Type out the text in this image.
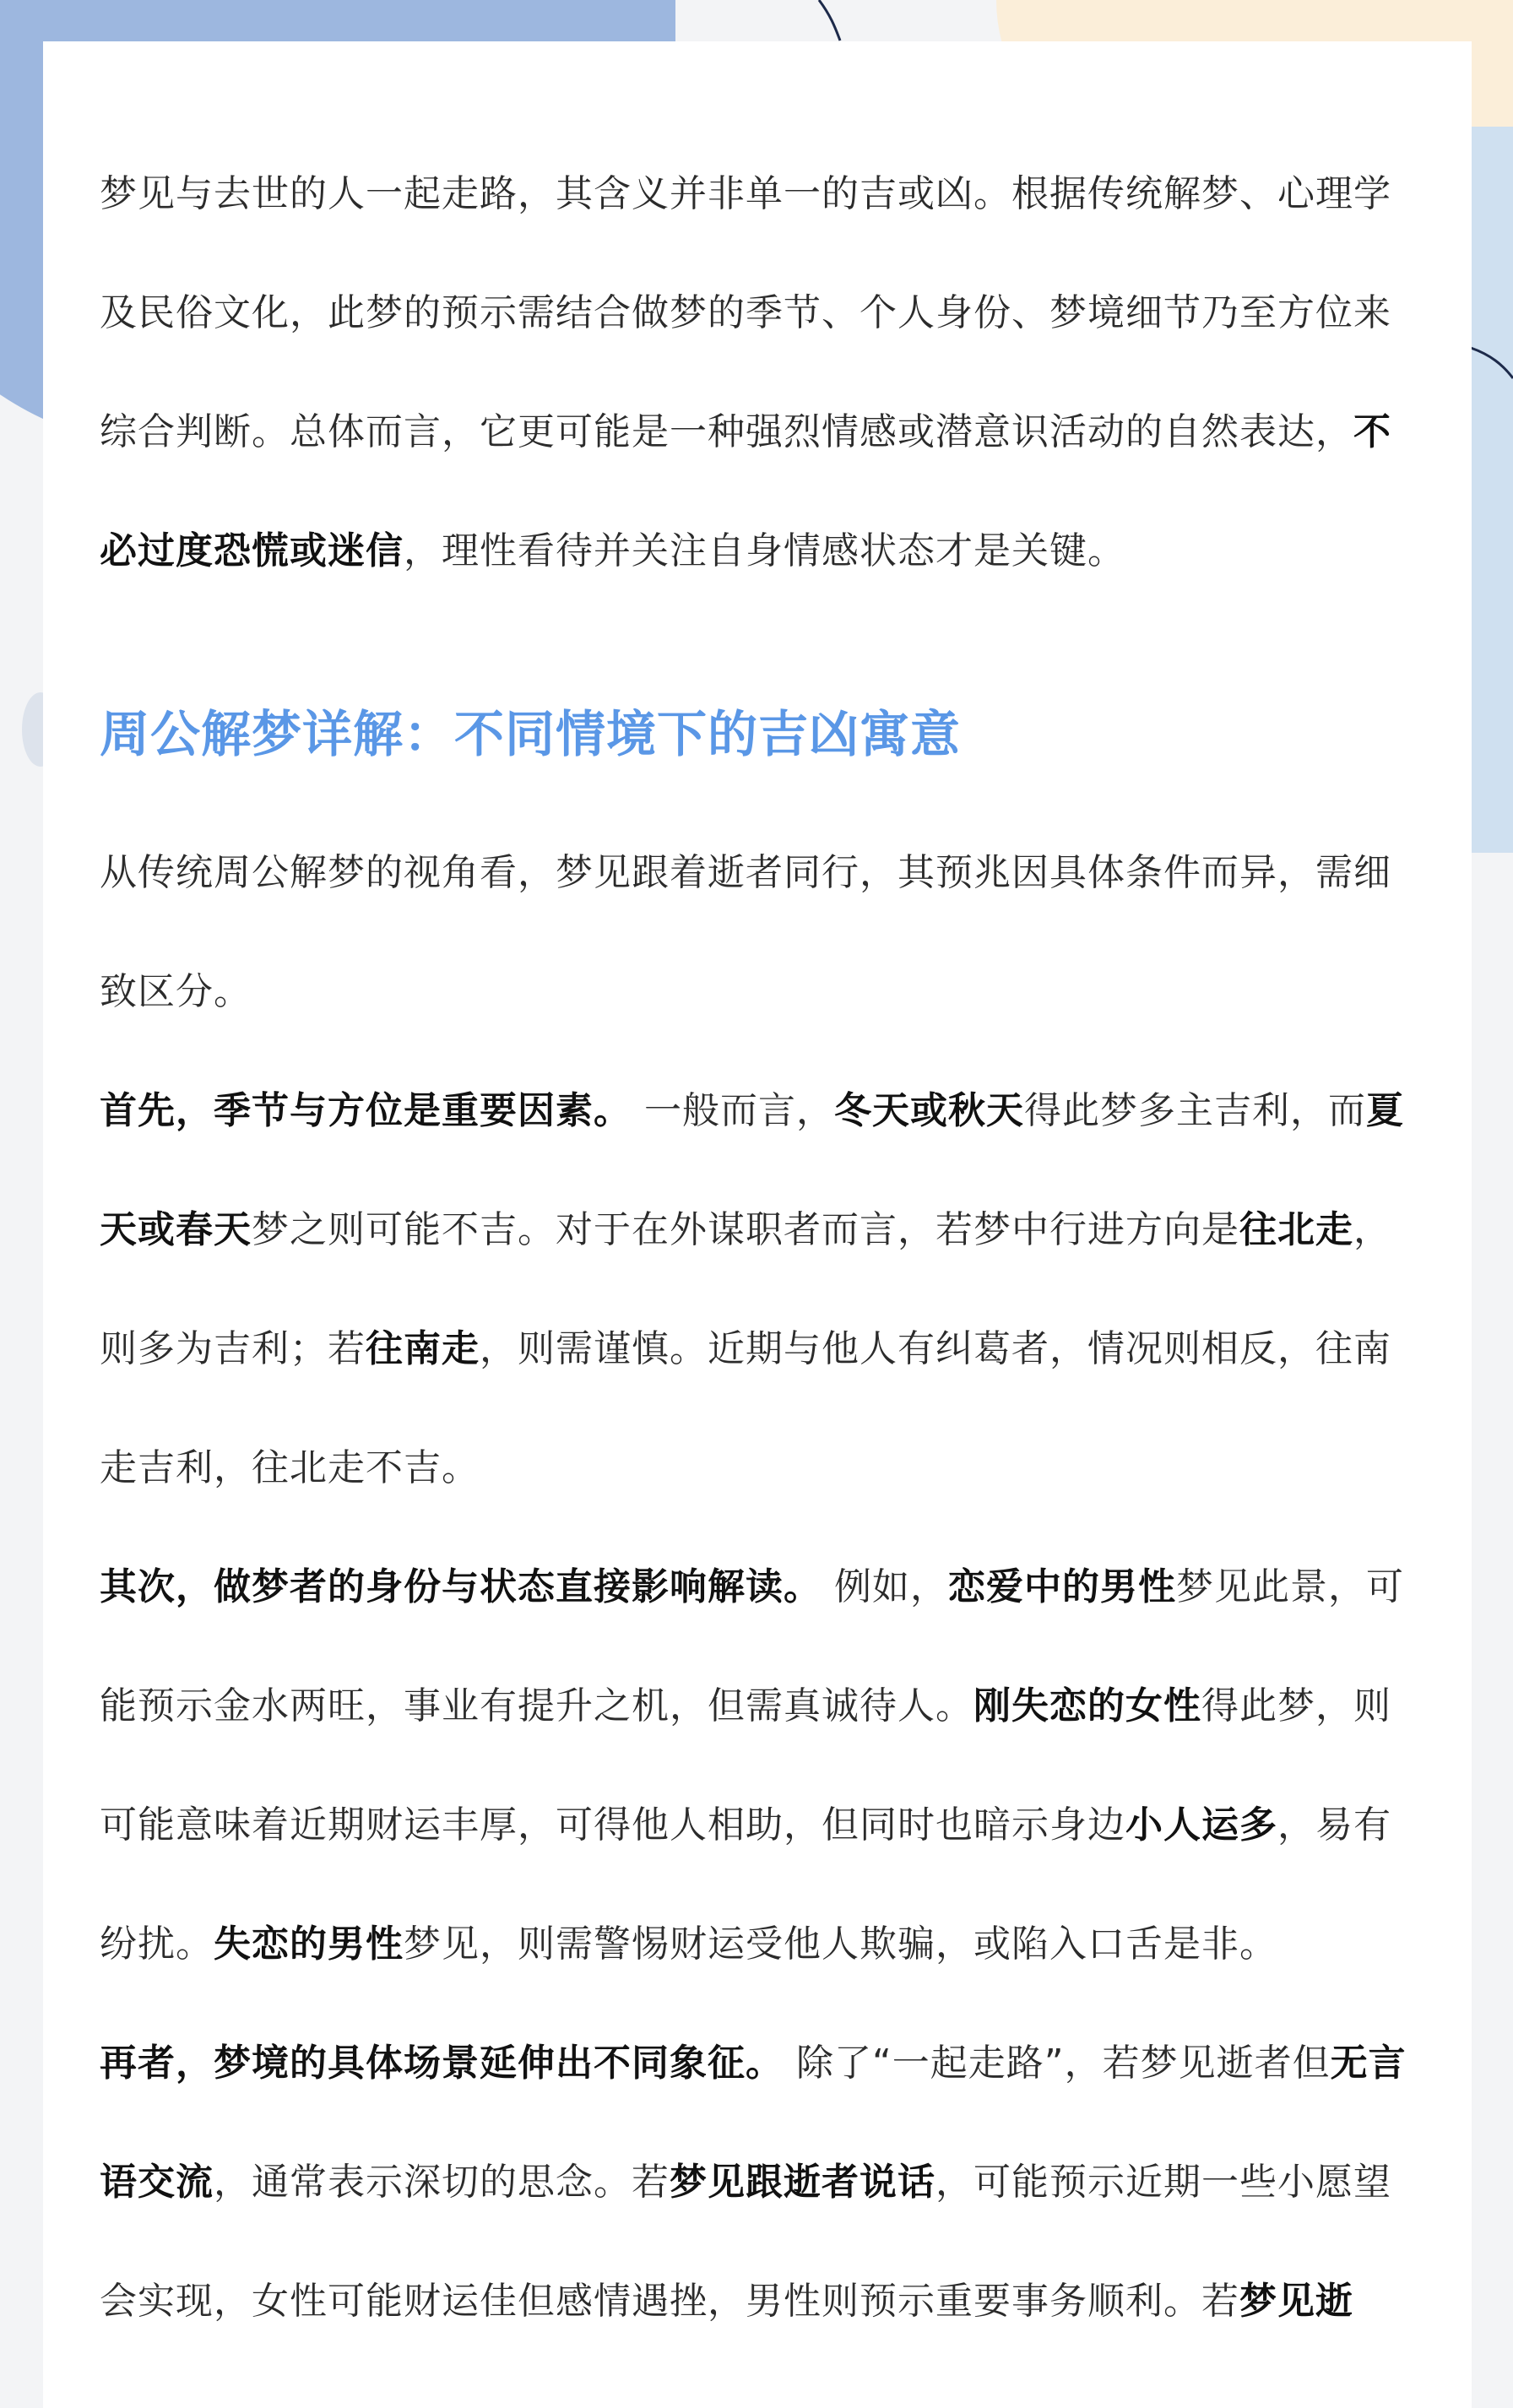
梦见与去世的人一起走路，其含义并非单一的吉或凶。根据传统解梦、心理学及民俗文化，此梦的预示需结合做梦的季节、个人身份、梦境细节乃至方位来综合判断。总体而言，它更可能是一种强烈情感或潜意识活动的自然表达，不必过度恐慌或迷信，理性看待并关注自身情感状态才是关键。

周公解梦详解：不同情境下的吉凶寓意

从传统周公解梦的视角看，梦见跟着逝者同行，其预兆因具体条件而异，需细致区分。

首先，季节与方位是重要因素。 一般而言，冬天或秋天得此梦多主吉利，而夏天或春天梦之则可能不吉。对于在外谋职者而言，若梦中行进方向是往北走，则多为吉利；若往南走，则需谨慎。近期与他人有纠葛者，情况则相反，往南走吉利，往北走不吉。

其次，做梦者的身份与状态直接影响解读。 例如，恋爱中的男性梦见此景，可能预示金水两旺，事业有提升之机，但需真诚待人。刚失恋的女性得此梦，则可能意味着近期财运丰厚，可得他人相助，但同时也暗示身边小人运多，易有纷扰。失恋的男性梦见，则需警惕财运受他人欺骗，或陷入口舌是非。

再者，梦境的具体场景延伸出不同象征。 除了“一起走路”，若梦见逝者但无言语交流，通常表示深切的思念。若梦见跟逝者说话，可能预示近期一些小愿望会实现，女性可能财运佳但感情遇挫，男性则预示重要事务顺利。若梦见逝
